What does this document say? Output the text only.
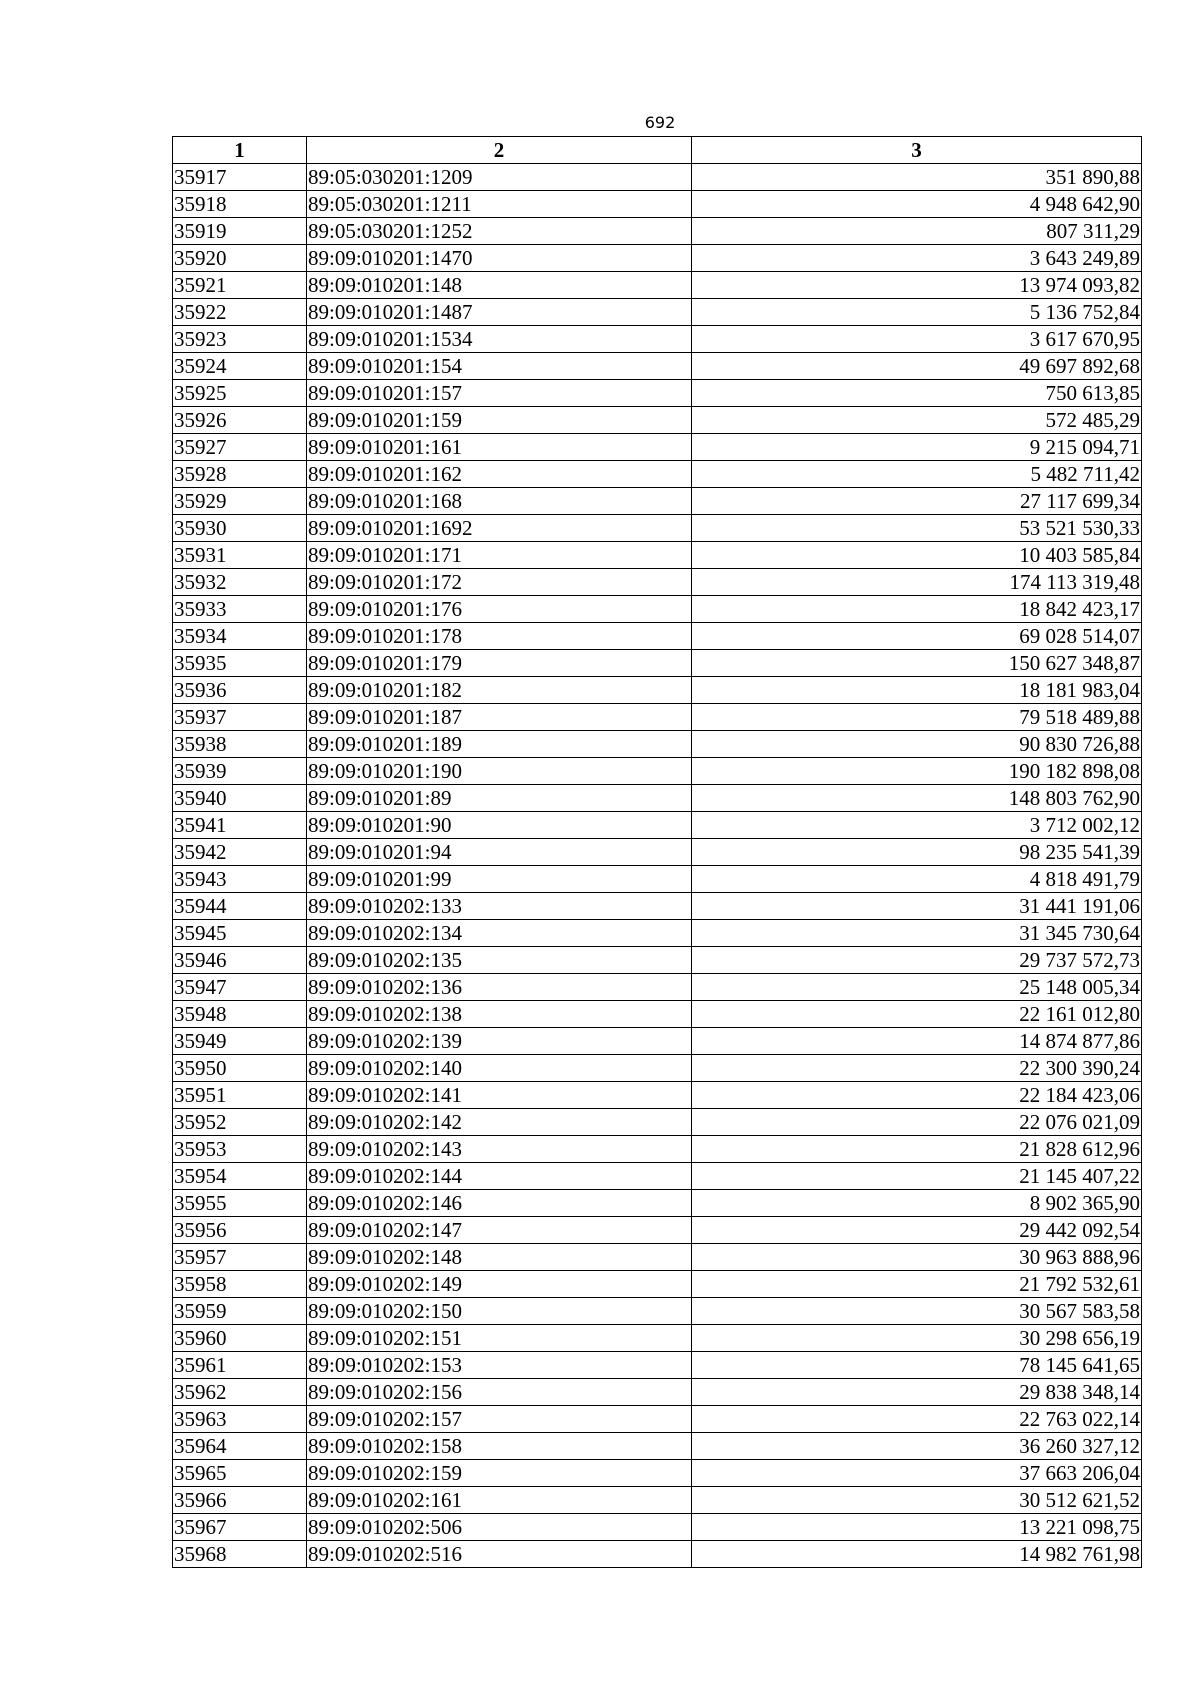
692
1	2	3
35917	89:05:030201:1209	351 890,88
35918	89:05:030201:1211	4 948 642,90
35919	89:05:030201:1252	807 311,29
35920	89:09:010201:1470	3 643 249,89
35921	89:09:010201:148	13 974 093,82
35922	89:09:010201:1487	5 136 752,84
35923	89:09:010201:1534	3 617 670,95
35924	89:09:010201:154	49 697 892,68
35925	89:09:010201:157	750 613,85
35926	89:09:010201:159	572 485,29
35927	89:09:010201:161	9 215 094,71
35928	89:09:010201:162	5 482 711,42
35929	89:09:010201:168	27 117 699,34
35930	89:09:010201:1692	53 521 530,33
35931	89:09:010201:171	10 403 585,84
35932	89:09:010201:172	174 113 319,48
35933	89:09:010201:176	18 842 423,17
35934	89:09:010201:178	69 028 514,07
35935	89:09:010201:179	150 627 348,87
35936	89:09:010201:182	18 181 983,04
35937	89:09:010201:187	79 518 489,88
35938	89:09:010201:189	90 830 726,88
35939	89:09:010201:190	190 182 898,08
35940	89:09:010201:89	148 803 762,90
35941	89:09:010201:90	3 712 002,12
35942	89:09:010201:94	98 235 541,39
35943	89:09:010201:99	4 818 491,79
35944	89:09:010202:133	31 441 191,06
35945	89:09:010202:134	31 345 730,64
35946	89:09:010202:135	29 737 572,73
35947	89:09:010202:136	25 148 005,34
35948	89:09:010202:138	22 161 012,80
35949	89:09:010202:139	14 874 877,86
35950	89:09:010202:140	22 300 390,24
35951	89:09:010202:141	22 184 423,06
35952	89:09:010202:142	22 076 021,09
35953	89:09:010202:143	21 828 612,96
35954	89:09:010202:144	21 145 407,22
35955	89:09:010202:146	8 902 365,90
35956	89:09:010202:147	29 442 092,54
35957	89:09:010202:148	30 963 888,96
35958	89:09:010202:149	21 792 532,61
35959	89:09:010202:150	30 567 583,58
35960	89:09:010202:151	30 298 656,19
35961	89:09:010202:153	78 145 641,65
35962	89:09:010202:156	29 838 348,14
35963	89:09:010202:157	22 763 022,14
35964	89:09:010202:158	36 260 327,12
35965	89:09:010202:159	37 663 206,04
35966	89:09:010202:161	30 512 621,52
35967	89:09:010202:506	13 221 098,75
35968	89:09:010202:516	14 982 761,98
